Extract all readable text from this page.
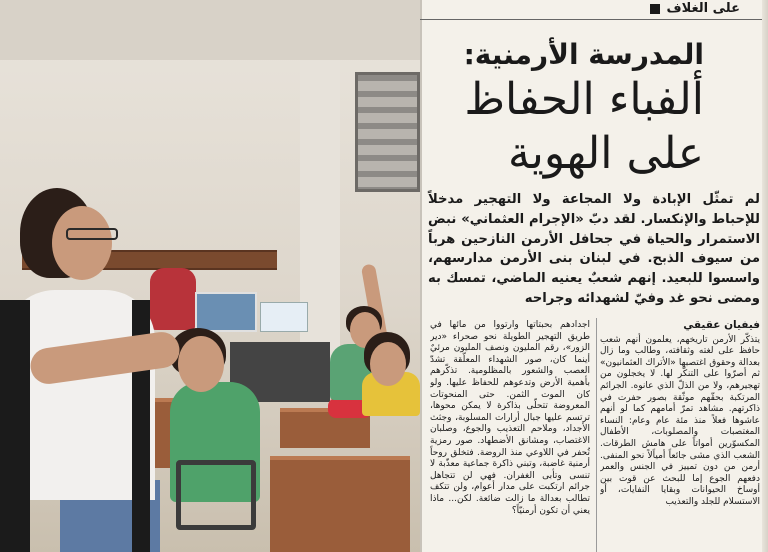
على الغلاف
المدرسة الأرمنية:
ألفباء الحفاظ
على الهوية

لم تمثّل الإبادة ولا المجاعة ولا التهجير مدخلاً للإحباط والإنكسار. لقد دبّ «الإجرام العثماني» نبض الاستمرار والحياة في جحافل الأرمن النازحين هرباً من سيوف الذبح. في لبنان بنى الأرمن مدارسهم، واسسوا للبعيد. إنهم شعبٌ يعنيه الماضي، تمسك به ومضى نحو غد وفيّ لشهدائه وجراحه

فيفيان عقيقي
يتذكّر الأرمن تاريخهم، يعلمون أنهم شعب حافظ على لغته وثقافته، وطالب وما زال بعدالة وحقوق اغتصبها «الأتراك العثمانيون» ثم أصرّوا على التنكّر لها. لا يخجلون من تهجيرهم، ولا من الذلّ الذي عانوه. الجرائم المرتكبة بحقّهم موثّقة بصور حفرت في ذاكرتهم. مشاهد تمرّ أمامهم كما لو أنهم عاشوها فعلاً منذ مئة عام وعام: النساء المغتصبات والمصلوبات، الأطفال المكسوّرين أمواتاً على هامش الطرقات. الشعب الذي مشى جائعاً أمياًلاً نحو المنفى. أرمن من دون تمييز في الجنس والعمر دفعهم الجوع إما للبحث عن قوت بين أوساخ الحيوانات وبقايا النفايات، أو الاستسلام للجلد والتعذيب
أجدادهم بحبتاتها وارتووا من مائها في طريق التهجير الطويلة نحو صحراء «دير الزور»، رقم المليون ونصف المليون مرئيٌ أينما كان، صور الشهداء المعلّقة تشدّ العصب والشعور بالمظلومية. تذكّرهم بأهمية الأرض وتدعوهم للحفاظ عليها. ولو كان الموت الثمن. حتى المنحوتات المعروضة تتحلّى بذاكرة لا يمكن محوها، ترتسم عليها جبال أرارات المسلوبة، وجثث الأجداد، وملاحم التعذيب والجوع، وصلبان الاغتصاب، ومشانق الأضطهاد. صور رمزية تُحفر في اللاوعي منذ الروضة. فتخلق روحاً أرمنية غاضبة، وتبني ذاكرة جماعية معذّبة لا تنسى وتأبى الغفران. فهي لن تتجاهل جرائم ارتكبت على مدار أعوام، ولن تتكف تطالب بعدالة ما زالت ضائعة. لكن... ماذا يعني أن تكون أرمنيّاً؟
